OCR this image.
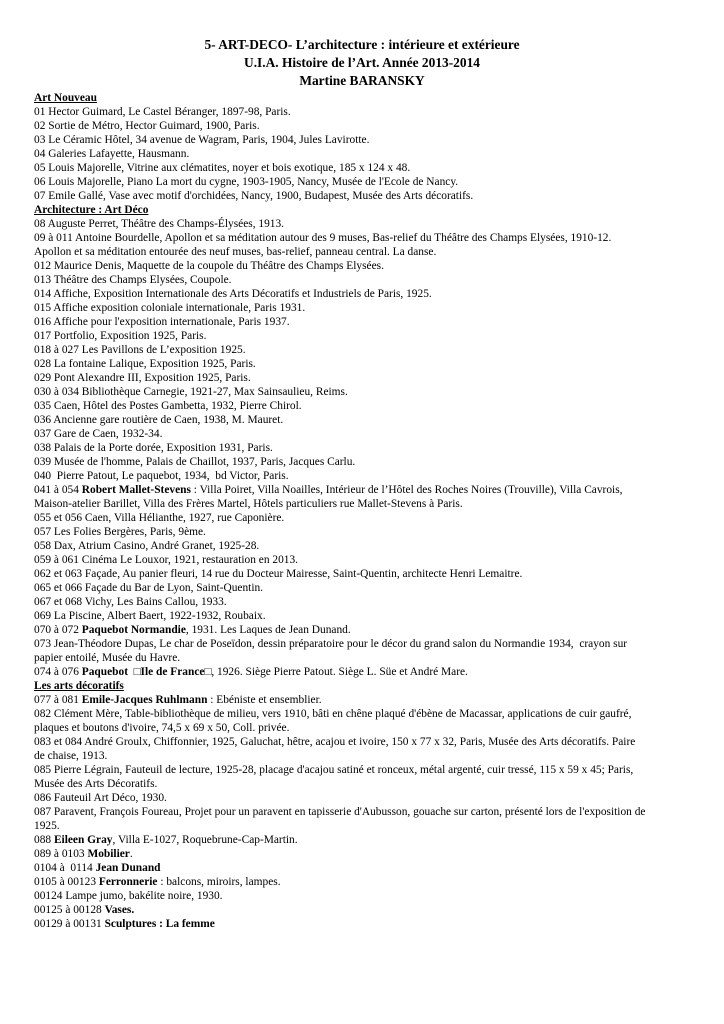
5- ART-DECO- L’architecture : intérieure et extérieure
U.I.A. Histoire de l’Art. Année 2013-2014
Martine BARANSKY
Art Nouveau
01 Hector Guimard, Le Castel Béranger, 1897-98, Paris.
02 Sortie de Métro, Hector Guimard, 1900, Paris.
03 Le Céramic Hôtel, 34 avenue de Wagram, Paris, 1904, Jules Lavirotte.
04 Galeries Lafayette, Hausmann.
05 Louis Majorelle, Vitrine aux clématites, noyer et bois exotique, 185 x 124 x 48.
06 Louis Majorelle, Piano La mort du cygne, 1903-1905, Nancy, Musée de l'Ecole de Nancy.
07 Emile Gallé, Vase avec motif d'orchidées, Nancy, 1900, Budapest, Musée des Arts décoratifs.
Architecture : Art Déco
08 Auguste Perret, Théâtre des Champs-Élysées, 1913.
09 à 011 Antoine Bourdelle, Apollon et sa méditation autour des 9 muses, Bas-relief du Théâtre des Champs Elysées, 1910-12.
Apollon et sa méditation entourée des neuf muses, bas-relief, panneau central. La danse.
012 Maurice Denis, Maquette de la coupole du Théâtre des Champs Elysées.
013 Théâtre des Champs Elysées, Coupole.
014 Affiche, Exposition Internationale des Arts Décoratifs et Industriels de Paris, 1925.
015 Affiche exposition coloniale internationale, Paris 1931.
016 Affiche pour l'exposition internationale, Paris 1937.
017 Portfolio, Exposition 1925, Paris.
018 à 027 Les Pavillons de L’exposition 1925.
028 La fontaine Lalique, Exposition 1925, Paris.
029 Pont Alexandre III, Exposition 1925, Paris.
030 à 034 Bibliothèque Carnegie, 1921-27, Max Sainsaulieu, Reims.
035 Caen, Hôtel des Postes Gambetta, 1932, Pierre Chirol.
036 Ancienne gare routière de Caen, 1938, M. Mauret.
037 Gare de Caen, 1932-34.
038 Palais de la Porte dorée, Exposition 1931, Paris.
039 Musée de l'homme, Palais de Chaillot, 1937, Paris, Jacques Carlu.
040  Pierre Patout, Le paquebot, 1934,  bd Victor, Paris.
041 à 054 Robert Mallet-Stevens : Villa Poiret, Villa Noailles, Intérieur de l’Hôtel des Roches Noires (Trouville), Villa Cavrois,
Maison-atelier Barillet, Villa des Frères Martel, Hôtels particuliers rue Mallet-Stevens à Paris.
055 et 056 Caen, Villa Hélianthe, 1927, rue Caponière.
057 Les Folies Bergères, Paris, 9ème.
058 Dax, Atrium Casino, André Granet, 1925-28.
059 à 061 Cinéma Le Louxor, 1921, restauration en 2013.
062 et 063 Façade, Au panier fleuri, 14 rue du Docteur Mairesse, Saint-Quentin, architecte Henri Lemaitre.
065 et 066 Façade du Bar de Lyon, Saint-Quentin.
067 et 068 Vichy, Les Bains Callou, 1933.
069 La Piscine, Albert Baert, 1922-1932, Roubaix.
070 à 072 Paquebot Normandie, 1931. Les Laques de Jean Dunand.
073 Jean-Théodore Dupas, Le char de Poseïdon, dessin préparatoire pour le décor du grand salon du Normandie 1934,  crayon sur
papier entoilé, Musée du Havre.
074 à 076 Paquebot  □Ile de France□, 1926. Siège Pierre Patout. Siège L. Süe et André Mare.
Les arts décoratifs
077 à 081 Emile-Jacques Ruhlmann : Ebéniste et ensemblier.
082 Clément Mère, Table-bibliothèque de milieu, vers 1910, bâti en chêne plaqué d'ébène de Macassar, applications de cuir gaufré,
plaques et boutons d'ivoire, 74,5 x 69 x 50, Coll. privée.
083 et 084 André Groulx, Chiffonnier, 1925, Galuchat, hêtre, acajou et ivoire, 150 x 77 x 32, Paris, Musée des Arts décoratifs. Paire
de chaise, 1913.
085 Pierre Légrain, Fauteuil de lecture, 1925-28, placage d'acajou satiné et ronceux, métal argenté, cuir tressé, 115 x 59 x 45; Paris,
Musée des Arts Décoratifs.
086 Fauteuil Art Déco, 1930.
087 Paravent, François Foureau, Projet pour un paravent en tapisserie d'Aubusson, gouache sur carton, présenté lors de l'exposition de
1925.
088 Eileen Gray, Villa E-1027, Roquebrune-Cap-Martin.
089 à 0103 Mobilier.
0104 à  0114 Jean Dunand
0105 à 00123 Ferronnerie : balcons, miroirs, lampes.
00124 Lampe jumo, bakélite noire, 1930.
00125 à 00128 Vases.
00129 à 00131 Sculptures : La femme
